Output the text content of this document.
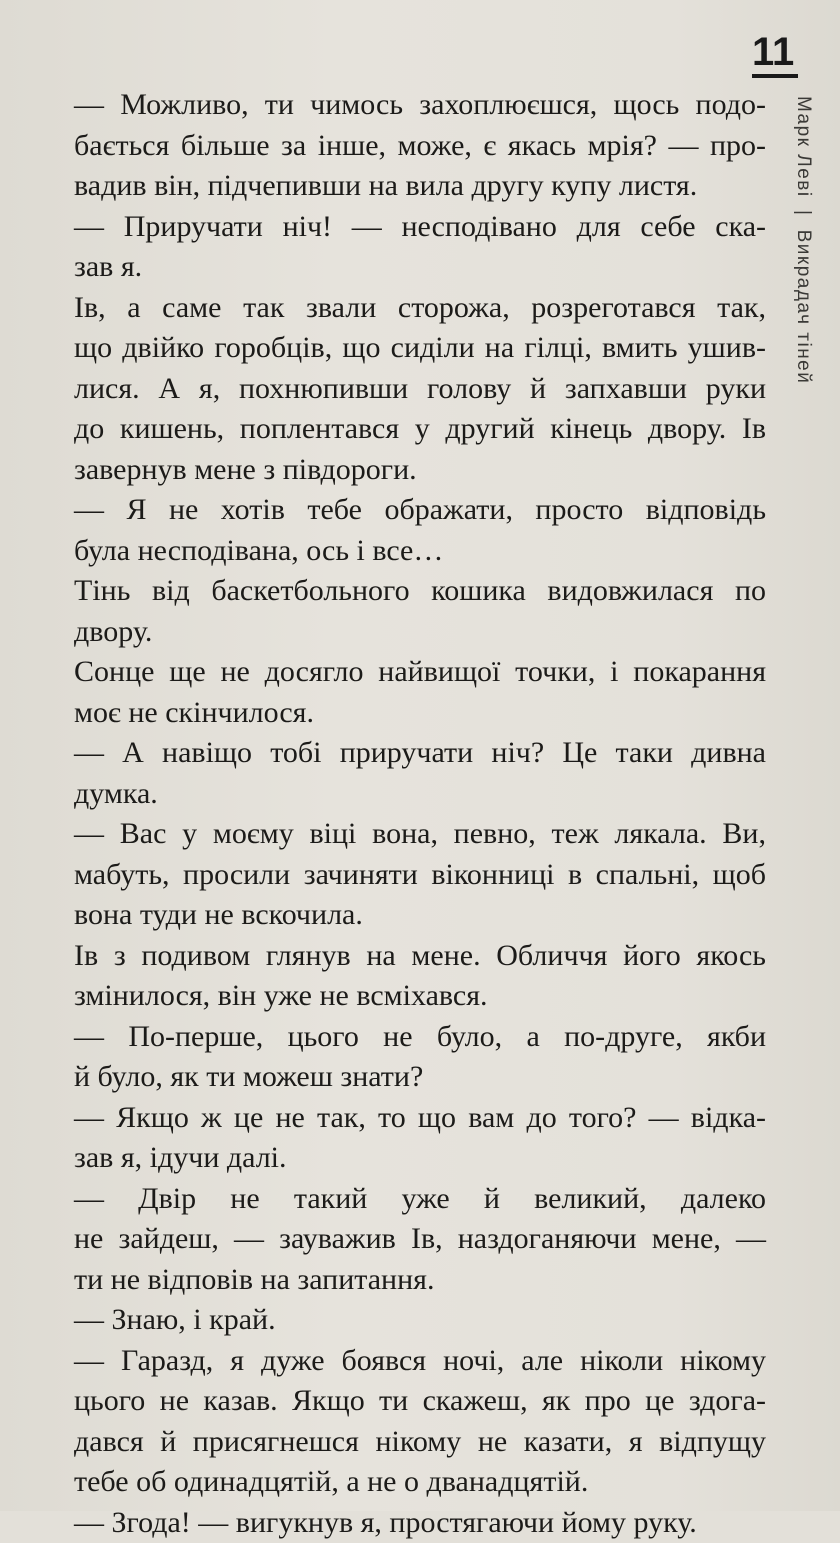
11
Марк Леві | Викрадач тіней
— Можливо, ти чимось захоплюєшся, щось подо-
бається більше за інше, може, є якась мрія? — про-
вадив він, підчепивши на вила другу купу листя.
— Приручати ніч! — несподівано для себе ска-
зав я.
Ів, а саме так звали сторожа, розреготався так,
що двійко горобців, що сиділи на гілці, вмить ушив-
лися. А я, похнюпивши голову й запхавши руки
до кишень, поплентався у другий кінець двору. Ів
завернув мене з півдороги.
— Я не хотів тебе ображати, просто відповідь
була несподівана, ось і все…
Тінь від баскетбольного кошика видовжилася по
двору.
Сонце ще не досягло найвищої точки, і покарання
моє не скінчилося.
— А навіщо тобі приручати ніч? Це таки дивна
думка.
— Вас у моєму віці вона, певно, теж лякала. Ви,
мабуть, просили зачиняти віконниці в спальні, щоб
вона туди не вскочила.
Ів з подивом глянув на мене. Обличчя його якось
змінилося, він уже не всміхався.
— По-перше, цього не було, а по-друге, якби
й було, як ти можеш знати?
— Якщо ж це не так, то що вам до того? — відка-
зав я, ідучи далі.
— Двір не такий уже й великий, далеко
не зайдеш, — зауважив Ів, наздоганяючи мене, —
ти не відповів на запитання.
— Знаю, і край.
— Гаразд, я дуже боявся ночі, але ніколи нікому
цього не казав. Якщо ти скажеш, як про це здога-
дався й присягнешся нікому не казати, я відпущу
тебе об одинадцятій, а не о дванадцятій.
— Згода! — вигукнув я, простягаючи йому руку.
